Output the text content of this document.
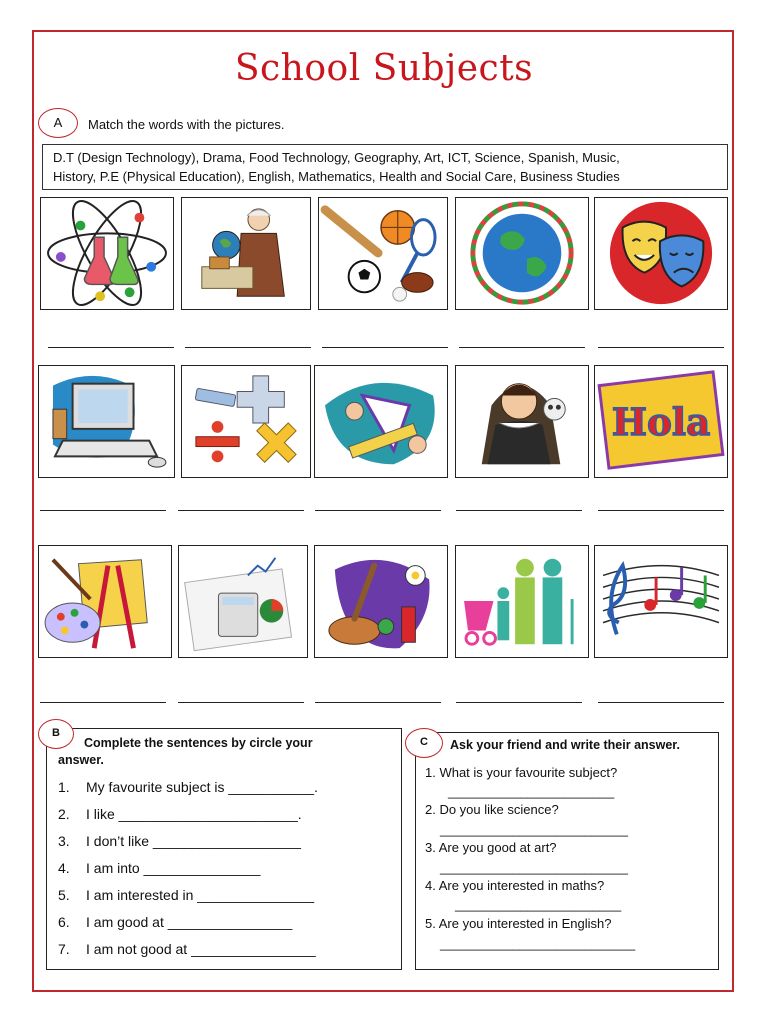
School Subjects
A	Match the words with the pictures.
D.T (Design Technology), Drama, Food Technology, Geography, Art, ICT, Science, Spanish, Music,
History, P.E (Physical Education), English, Mathematics, Health and Social Care, Business Studies
Hola
B
Complete the sentences by circle your
answer.
1. My favourite subject is ___________.
2. I like _______________________.
3. I don’t like ___________________
4. I am into _______________
5. I am interested in _______________
6. I am good at ________________
7. I am not good at ________________
C	Ask your friend and write their answer.
1. What is your favourite subject?
_______________________
2. Do you like science?
__________________________
3. Are you good at art?
__________________________
4. Are you interested in maths?
_______________________
5. Are you interested in English?
___________________________
